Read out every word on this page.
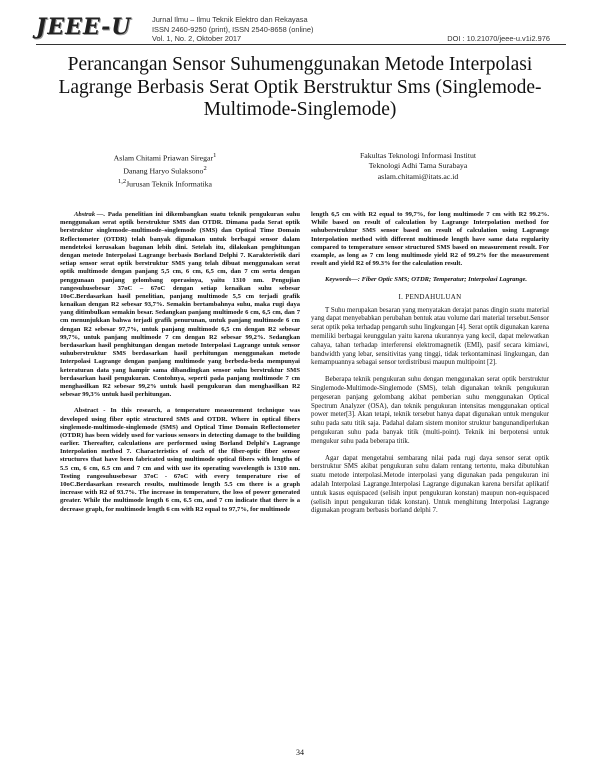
JEEE-U	Jurnal Ilmu – Ilmu Teknik Elektro dan Rekayasa
ISSN 2460-9250 (print), ISSN 2540-8658 (online)
Vol. 1, No. 2, Oktober 2017	DOI : 10.21070/jeee-u.v1i2.976
Perancangan Sensor Suhumenggunakan Metode Interpolasi Lagrange Berbasis Serat Optik Berstruktur Sms (Singlemode-Multimode-Singlemode)
Aslam Chitami Priawan Siregar$^1$
Danang Haryo Sulaksono$^2$
$^{1,2}$Jurusan Teknik Informatika
Fakultas Teknologi Informasi Institut
Teknologi Adhi Tama Surabaya
aslam.chitami@itats.ac.id

Abstrak —. Pada penelitian ini dikembangkan suatu teknik pengukuran suhu menggunakan serat optik berstruktur SMS dan OTDR. Dimana pada Serat optik berstruktur singlemode–multimode–singlemode (SMS) dan Optical Time Domain Reflectometer (OTDR) telah banyak digunakan untuk berbagai sensor dalam mendeteksi kerusakan bagunan lebih dini. Setelah itu, dilakukan penghitungan dengan metode Interpolasi Lagrange berbasis Borland Delphi 7. Karakteristik dari setiap sensor serat optik berstruktur SMS yang telah dibuat menggunakan serat optik multimode dengan panjang 5,5 cm, 6 cm, 6,5 cm, dan 7 cm serta dengan penggunaan panjang gelombang operasinya, yaitu 1310 nm. Pengujian rangesuhusebesar 37oC – 67oC dengan setiap kenaikan suhu sebesar 10oC.Berdasarkan hasil penelitian, panjang multimode 5,5 cm terjadi grafik kenaikan dengan R2 sebesar 93,7%. Semakin bertambahnya suhu, maka rugi daya yang ditimbulkan semakin besar. Sedangkan panjang multimode 6 cm, 6,5 cm, dan 7 cm menunjukkan bahwa terjadi grafik penurunan, untuk panjang multimode 6 cm dengan R2 sebesar 97,7%, untuk panjang multimode 6,5 cm dengan R2 sebesar 99,7%, untuk panjang multimode 7 cm dengan R2 sebesar 99,2%. Sedangkan berdasarkan hasil penghitungan dengan metode Interpolasi Lagrange untuk sensor suhuberstruktur SMS berdasarkan hasil perhitungan menggunakan metode Interpolasi Lagrange dengan panjang multimode yang berbeda-beda mempunyai keteraturan data yang hampir sama dibandingkan sensor suhu berstruktur SMS berdasarkan hasil pengukuran. Contohnya, seperti pada panjang multimode 7 cm menghasilkan R2 sebesar 99,2% untuk hasil pengukuran dan menghasilkan R2 sebesar 99,3% untuk hasil perhitungan.

Abstract - In this research, a temperature measurement technique was developed using fiber optic structured SMS and OTDR. Where in optical fibers singlemode-multimode-singlemode (SMS) and Optical Time Domain Reflectometer (OTDR) has been widely used for various sensors in detecting damage to the building earlier. Thereafter, calculations are performed using Borland Delphi's Lagrange Interpolation method 7. Characteristics of each of the fiber-optic fiber sensor structures that have been fabricated using multimode optical fibers with lengths of 5.5 cm, 6 cm, 6.5 cm and 7 cm and with use its operating wavelength is 1310 nm. Testing rangesuhusebesar 37oC - 67oC with every temperature rise of 10oC.Berdasarkan research results, multimode length 5.5 cm there is a graph increase with R2 of 93.7%. The increase in temperature, the loss of power generated greater. While the multimode length 6 cm, 6.5 cm, and 7 cm indicate that there is a decrease graph, for multimode length 6 cm with R2 equal to 97,7%, for multimode

length 6,5 cm with R2 equal to 99,7%, for long multimode 7 cm with R2 99.2%. While based on result of calculation by Lagrange Interpolation method for suhuberstruktur SMS sensor based on result of calculation using Lagrange Interpolation method with different multimode length have same data regularity compared to temperature sensor structured SMS based on measurement result. For example, as long as 7 cm long multimode yield R2 of 99.2% for the measurement result and yield R2 of 99.3% for the calculation result.

Keywords—: Fiber Optic SMS; OTDR; Temperatur; Interpolasi Lagrange.

I. PENDAHULUAN

T Suhu merupakan besaran yang menyatakan derajat panas dingin suatu material yang dapat menyebabkan perubahan bentuk atau volume dari material tersebut.Sensor serat optik peka terhadap pengaruh suhu lingkungan [4]. Serat optik digunakan karena memiliki berbagai keunggulan yaitu karena ukurannya yang kecil, dapat melewatkan cahaya, tahan terhadap interferensi elektromagnetik (EMI), pasif secara kimiawi, bandwidth yang lebar, sensitivitas yang tinggi, tidak terkontaminasi lingkungan, dan kemampuannya sebagai sensor terdistribusi maupun multipoint [2].

Beberapa teknik pengukuran suhu dengan menggunakan serat optik berstruktur Singlemode-Multimode-Singlemode (SMS), telah digunakan teknik pengukuran pergeseran panjang gelombang akibat pemberian suhu menggunakan Optical Spectrum Analyzer (OSA), dan teknik pengukuran intensitas menggunakan optical power meter[3]. Akan tetapi, teknik tersebut hanya dapat digunakan untuk mengukur suhu pada satu titik saja. Padahal dalam sistem monitor struktur bangunandiperlukan pengukuran suhu pada banyak titik (multi-point). Teknik ini berpotensi untuk mengukur suhu pada beberapa titik.

Agar dapat mengetahui sembarang nilai pada rugi daya sensor serat optik berstruktur SMS akibat pengukuran suhu dalam rentang tertentu, maka dibutuhkan suatu metode interpolasi.Metode interpolasi yang digunakan pada pengukuran ini adalah Interpolasi Lagrange.Interpolasi Lagrange digunakan karena bersifat aplikatif untuk kasus equispaced (selisih input pengukuran konstan) maupun non-equispaced (selisih input pengukuran tidak konstan). Untuk menghitung Interpolasi Lagrange digunakan program berbasis borland delphi 7.

34
